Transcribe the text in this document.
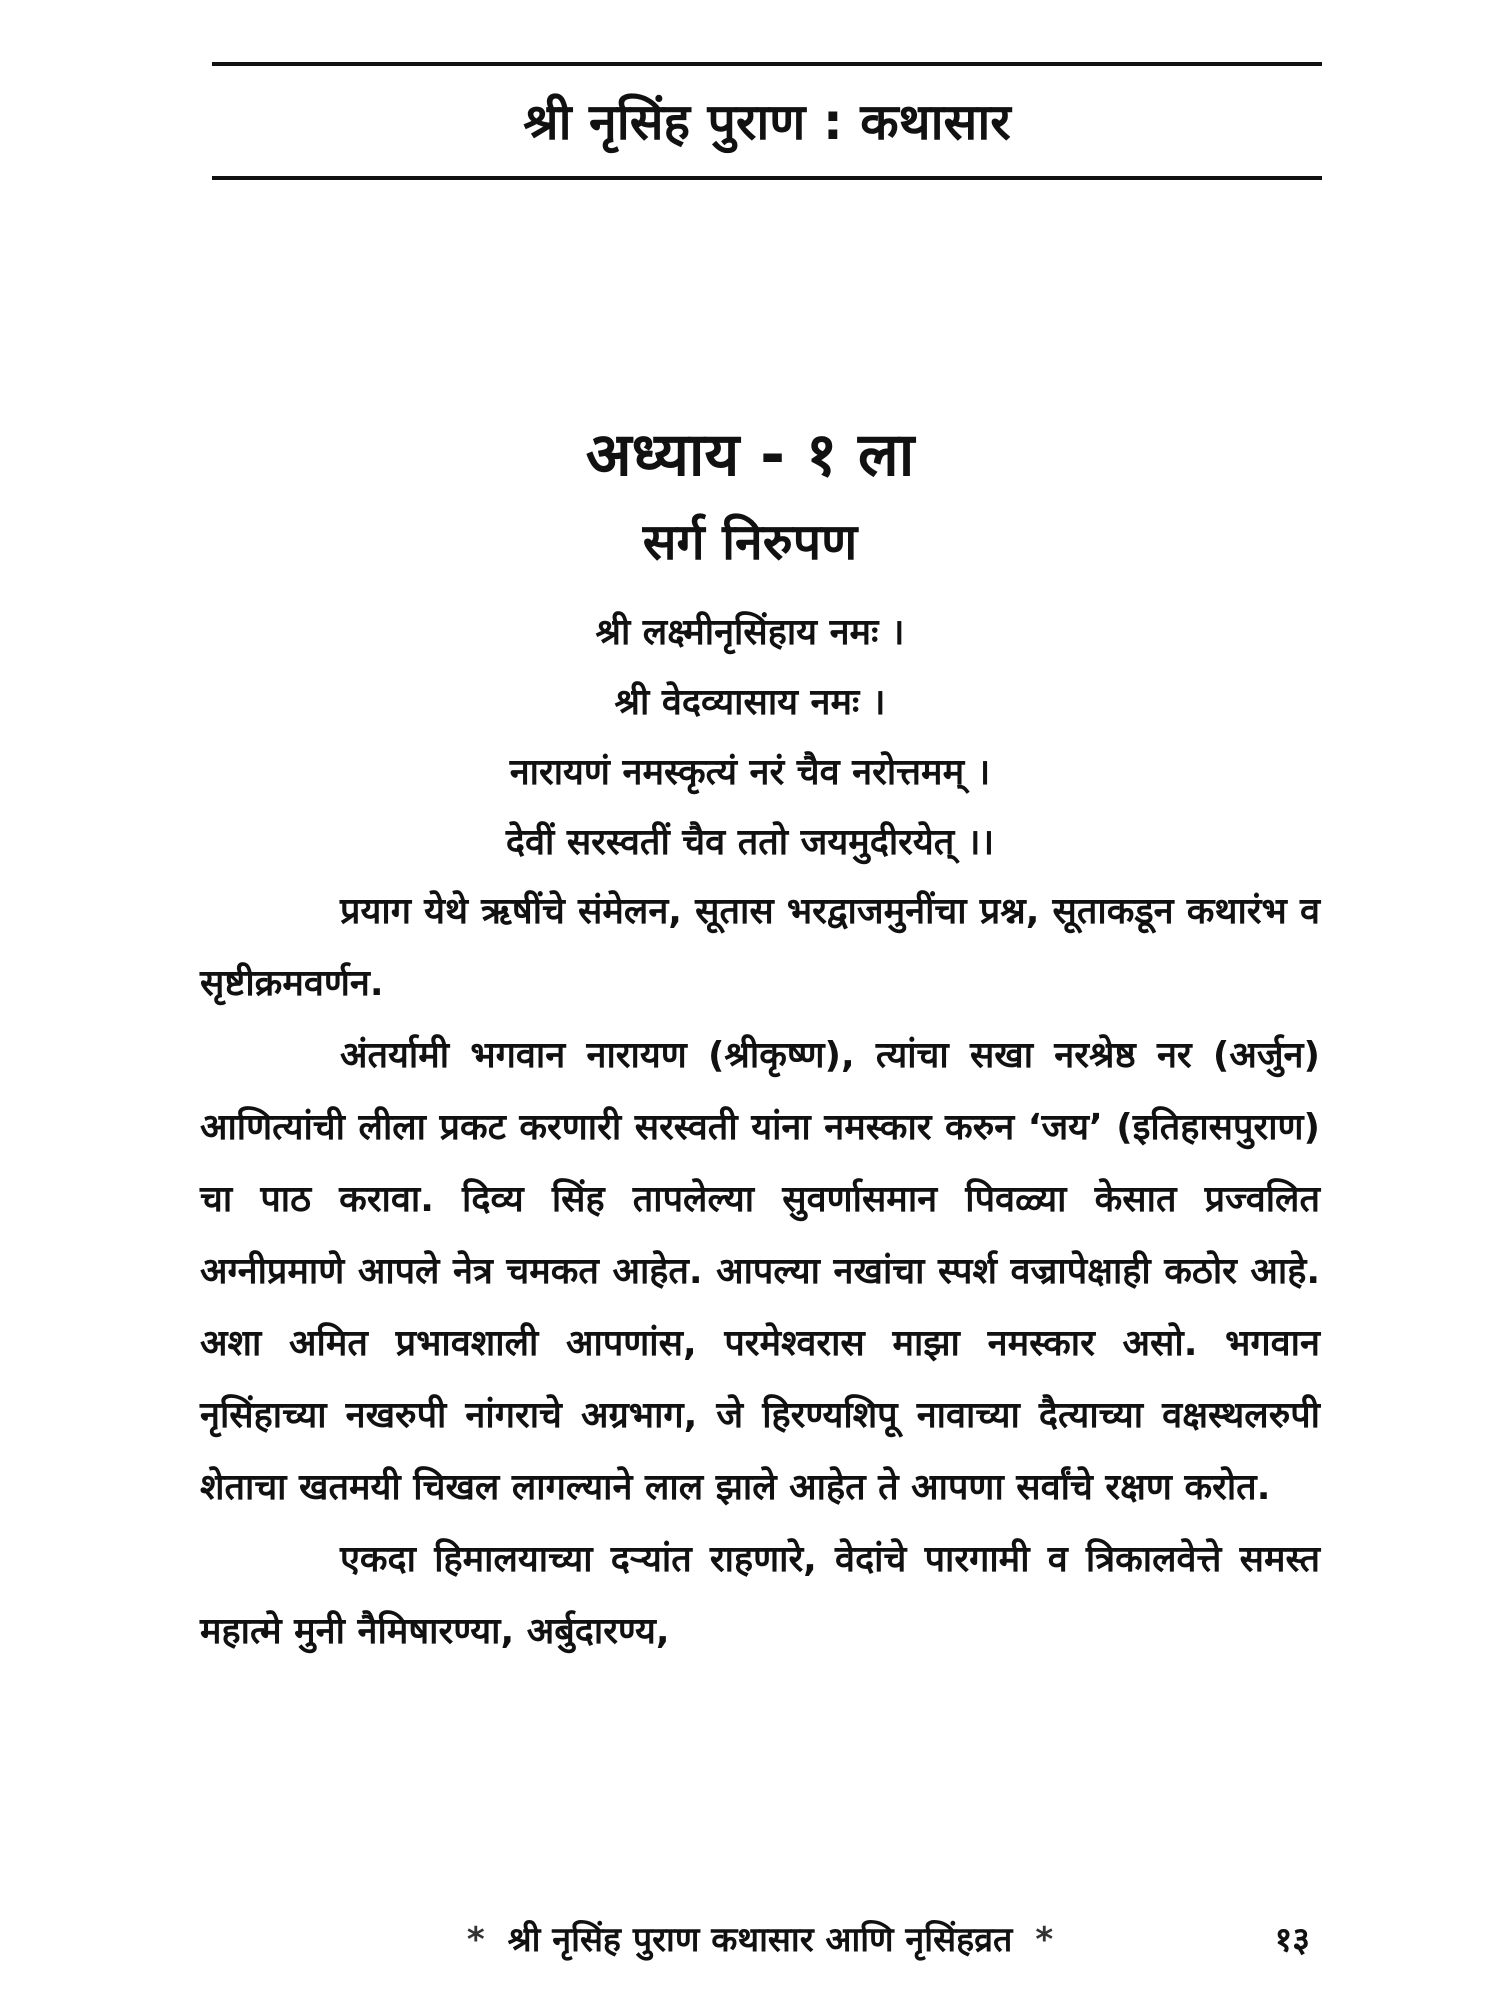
श्री नृसिंह पुराण : कथासार
अध्याय - १ ला
सर्ग निरुपण
श्री लक्ष्मीनृसिंहाय नमः ।
श्री वेदव्यासाय नमः ।
नारायणं नमस्कृत्यं नरं चैव नरोत्तमम् ।
देवीं सरस्वतीं चैव ततो जयमुदीरयेत् ।।

प्रयाग येथे ऋषींचे संमेलन, सूतास भरद्वाजमुनींचा प्रश्न, सूताकडून कथारंभ व सृष्टीक्रमवर्णन.

अंतर्यामी भगवान नारायण (श्रीकृष्ण), त्यांचा सखा नरश्रेष्ठ नर (अर्जुन) आणित्यांची लीला प्रकट करणारी सरस्वती यांना नमस्कार करुन ‘जय’ (इतिहासपुराण) चा पाठ करावा. दिव्य सिंह तापलेल्या सुवर्णासमान पिवळ्या केसात प्रज्वलित अग्नीप्रमाणे आपले नेत्र चमकत आहेत. आपल्या नखांचा स्पर्श वज्रापेक्षाही कठोर आहे. अशा अमित प्रभावशाली आपणांस, परमेश्वरास माझा नमस्कार असो. भगवान नृसिंहाच्या नखरुपी नांगराचे अग्रभाग, जे हिरण्यशिपू नावाच्या दैत्याच्या वक्षस्थलरुपी शेताचा खतमयी चिखल लागल्याने लाल झाले आहेत ते आपणा सर्वांचे रक्षण करोत.

एकदा हिमालयाच्या दऱ्यांत राहणारे, वेदांचे पारगामी व त्रिकालवेत्ते समस्त महात्मे मुनी नैमिषारण्या, अर्बुदारण्य,

* श्री नृसिंह पुराण कथासार आणि नृसिंहव्रत *	१३
